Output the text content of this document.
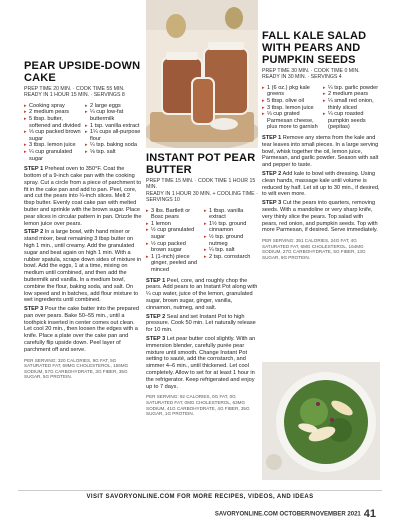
PEAR UPSIDE-DOWN CAKE
PREP TIME 20 MIN. · COOK TIME 55 MIN.
READY IN 1 HOUR 15 MIN. · SERVINGS 8
▸ Cooking spray
▸ 2 medium pears
▸ 5 tbsp. butter, softened and divided
▸ ⅓ cup packed brown sugar
▸ 3 tbsp. lemon juice
▸ ¼ cup granulated sugar
▸ 2 large eggs
▸ ¼ cup low-fat buttermilk
▸ 1 tsp. vanilla extract
▸ 1¼ cups all-purpose flour
▸ ¼ tsp. baking soda
▸ ⅛ tsp. salt

STEP 1 Preheat oven to 350°F. Coat the bottom of a 9-inch cake pan with the cooking spray. Cut a circle from a piece of parchment to fit in the cake pan and add to pan. Peel, core, and cut the pears into ¼-inch slices. Melt 2 tbsp butter. Evenly coat cake pan with melted butter and sprinkle with the brown sugar. Place pear slices in circular pattern in pan. Drizzle the lemon juice over pears.

STEP 2 In a large bowl, with hand mixer or stand mixer, beat remaining 3 tbsp butter on high 1 min., until creamy. Add the granulated sugar and beat again on high 1 min. With a rubber spatula, scrape down sides of mixture in bowl. Add the eggs, 1 at a time, mixing on medium until combined, and then add the buttermilk and vanilla. In a medium bowl, combine the flour, baking soda, and salt. On low speed and in batches, add flour mixture to wet ingredients until combined.

STEP 3 Pour the cake batter into the prepared pan over pears. Bake 50–55 min., until a toothpick inserted in center comes out clean. Let cool 20 min., then loosen the edges with a knife. Place a plate over the cake pan and carefully flip upside down. Peel layer of parchment off and serve.

PER SERVING: 320 CALORIES, 9G FAT, 5G SATURATED FAT, 69MG CHOLESTEROL, 156MG SODIUM, 57G CARBOHYDRATE, 3G FIBER, 35G SUGAR, 5G PROTEIN.
INSTANT POT PEAR BUTTER
PREP TIME 15 MIN. · COOK TIME 1 HOUR 15 MIN.
READY IN 1 HOUR 30 MIN. + COOLING TIME · SERVINGS 10
▸ 3 lbs. Bartlett or Bosc pears
▸ 1 lemon
▸ ½ cup granulated sugar
▸ ½ cup packed brown sugar
▸ 1 (1-inch) piece ginger, peeled and minced
▸ 1 tbsp. vanilla extract
▸ 1½ tsp. ground cinnamon
▸ ½ tsp. ground nutmeg
▸ ¼ tsp. salt
▸ 2 tsp. cornstarch

STEP 1 Peel, core, and roughly chop the pears. Add pears to an Instant Pot along with ¼ cup water, juice of the lemon, granulated sugar, brown sugar, ginger, vanilla, cinnamon, nutmeg, and salt.

STEP 2 Seal and set Instant Pot to high pressure. Cook 50 min. Let naturally release for 10 min.

STEP 3 Let pear butter cool slightly. With an immersion blender, carefully purée pear mixture until smooth. Change Instant Pot setting to sauté, add the cornstarch, and simmer 4–6 min., until thickened. Let cool completely. Allow to set for at least 1 hour in the refrigerator. Keep refrigerated and enjoy up to 7 days.

PER SERVING: 92 CALORIES, 0G FAT, 0G SATURATED FAT, 0MG CHOLESTEROL, 63MG SODIUM, 41G CARBOHYDRATE, 4G FIBER, 35G SUGAR, 1G PROTEIN.
FALL KALE SALAD WITH PEARS AND PUMPKIN SEEDS
PREP TIME 30 MIN. · COOK TIME 0 MIN.
READY IN 30 MIN. · SERVINGS 4
▸ 1 (6 oz.) pkg kale greens
▸ 5 tbsp. olive oil
▸ 3 tbsp. lemon juice
▸ ⅓ cup grated Parmesan cheese, plus more to garnish
▸ ¼ tsp. garlic powder
▸ 2 medium pears
▸ ¼ small red onion, thinly sliced
▸ ¼ cup roasted pumpkin seeds (pepitas)

STEP 1 Remove any stems from the kale and tear leaves into small pieces. In a large serving bowl, whisk together the oil, lemon juice, Parmesan, and garlic powder. Season with salt and pepper to taste.

STEP 2 Add kale to bowl with dressing. Using clean hands, massage kale until volume is reduced by half. Let sit up to 30 min., if desired, to wilt even more.

STEP 3 Cut the pears into quarters, removing seeds. With a mandoline or very sharp knife, very thinly slice the pears. Top salad with pears, red onion, and pumpkin seeds. Top with more Parmesan, if desired. Serve immediately.

PER SERVING: 351 CALORIES, 24G FAT, 4G SATURATED FAT, 6MG CHOLESTEROL, 164MG SODIUM, 27G CARBOHYDRATE, 5G FIBER, 13G SUGAR, 9G PROTEIN.
VISIT SAVORYONLINE.COM FOR MORE RECIPES, VIDEOS, AND IDEAS
SAVORYONLINE.COM OCTOBER/NOVEMBER 2021 41
